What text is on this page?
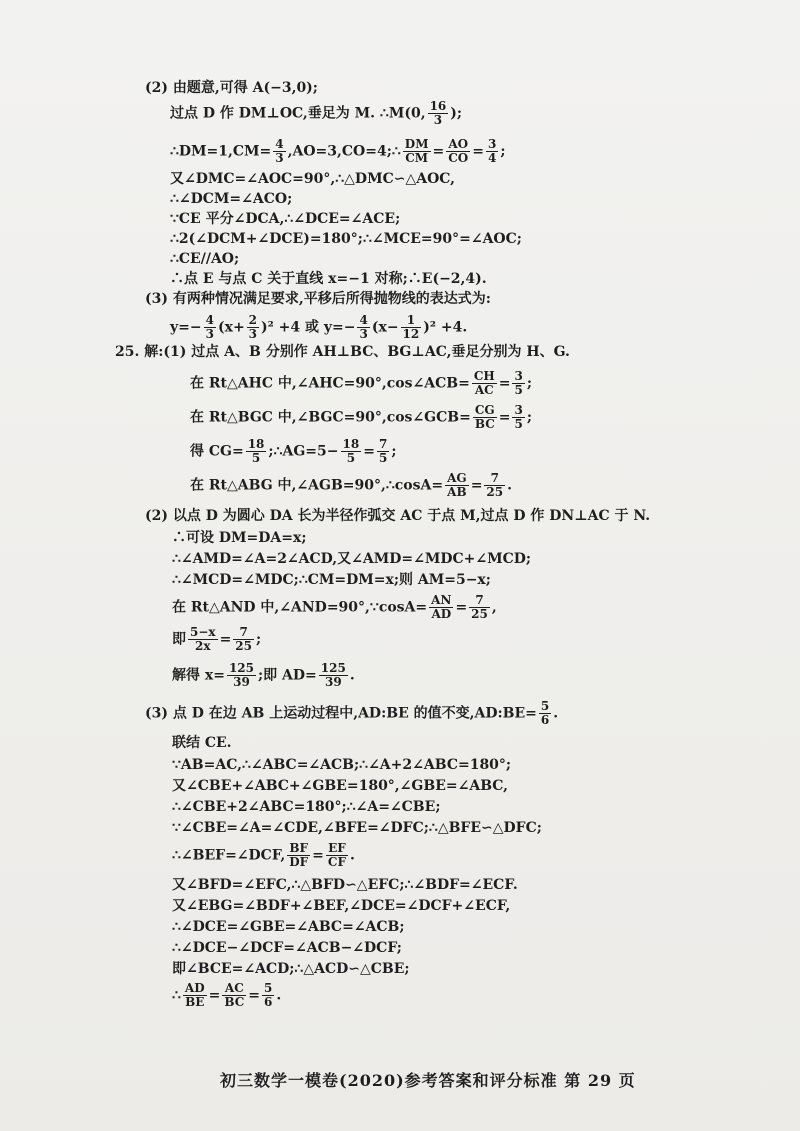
(2) 由题意,可得 A(−3,0);
过点 D 作 DM⊥OC,垂足为 M. ∴M(0, $\frac{16}{3}$ );
∴DM=1,CM= $\frac{4}{3}$ ,AO=3,CO=4;∴ $\frac{DM}{CM} = \frac{AO}{CO} = \frac{3}{4}$ ;
又∠DMC=∠AOC=90°,∴△DMC∽△AOC,
∴∠DCM=∠ACO;
∵CE 平分∠DCA,∴∠DCE=∠ACE;
∴2(∠DCM+∠DCE)=180°;∴∠MCE=90°=∠AOC;
∴CE//AO;
∴点 E 与点 C 关于直线 x=−1 对称;∴E(−2,4).
(3) 有两种情况满足要求,平移后所得抛物线的表达式为:
$y=- \frac{4}{3} (x+ \frac{2}{3} )^2 +4$ 或 $y=- \frac{4}{3} (x- \frac{1}{12} )^2 +4$.
25. 解:(1) 过点 A、B 分别作 AH⊥BC、BG⊥AC,垂足分别为 H、G.
在 Rt△AHC 中,∠AHC=90°,cos∠ACB= $\frac{CH}{AC} = \frac{3}{5}$ ;
在 Rt△BGC 中,∠BGC=90°,cos∠GCB= $\frac{CG}{BC} = \frac{3}{5}$ ;
得 $CG= \frac{18}{5}$ ;∴AG=5− $\frac{18}{5} = \frac{7}{5}$ ;
在 Rt△ABG 中,∠AGB=90°,∴cosA= $\frac{AG}{AB} = \frac{7}{25}$ .
(2) 以点 D 为圆心 DA 长为半径作弧交 AC 于点 M,过点 D 作 DN⊥AC 于 N.
∴可设 DM=DA=x;
∴∠AMD=∠A=2∠ACD,又∠AMD=∠MDC+∠MCD;
∴∠MCD=∠MDC;∴CM=DM=x;则 AM=5−x;
在 Rt△AND 中,∠AND=90°,∵cosA= $\frac{AN}{AD} = \frac{7}{25}$ ,
即 $\frac{5-x}{2x} = \frac{7}{25}$ ;
解得 $x= \frac{125}{39}$ ;即 $AD= \frac{125}{39}$ .
(3) 点 D 在边 AB 上运动过程中,AD:BE 的值不变,AD:BE= $\frac{5}{6}$ .
联结 CE.
∵AB=AC,∴∠ABC=∠ACB;∴∠A+2∠ABC=180°;
又∠CBE+∠ABC+∠GBE=180°,∠GBE=∠ABC,
∴∠CBE+2∠ABC=180°;∴∠A=∠CBE;
∵∠CBE=∠A=∠CDE,∠BFE=∠DFC;∴△BFE∽△DFC;
∴∠BEF=∠DCF, $\frac{BF}{DF} = \frac{EF}{CF}$ .
又∠BFD=∠EFC,∴△BFD∽△EFC;∴∠BDF=∠ECF.
又∠EBG=∠BDF+∠BEF,∠DCE=∠DCF+∠ECF,
∴∠DCE=∠GBE=∠ABC=∠ACB;
∴∠DCE−∠DCF=∠ACB−∠DCF;
即∠BCE=∠ACD;∴△ACD∽△CBE;
∴ $\frac{AD}{BE} = \frac{AC}{BC} = \frac{5}{6}$ .
初三数学一模卷(2020)参考答案和评分标准 第 29 页
